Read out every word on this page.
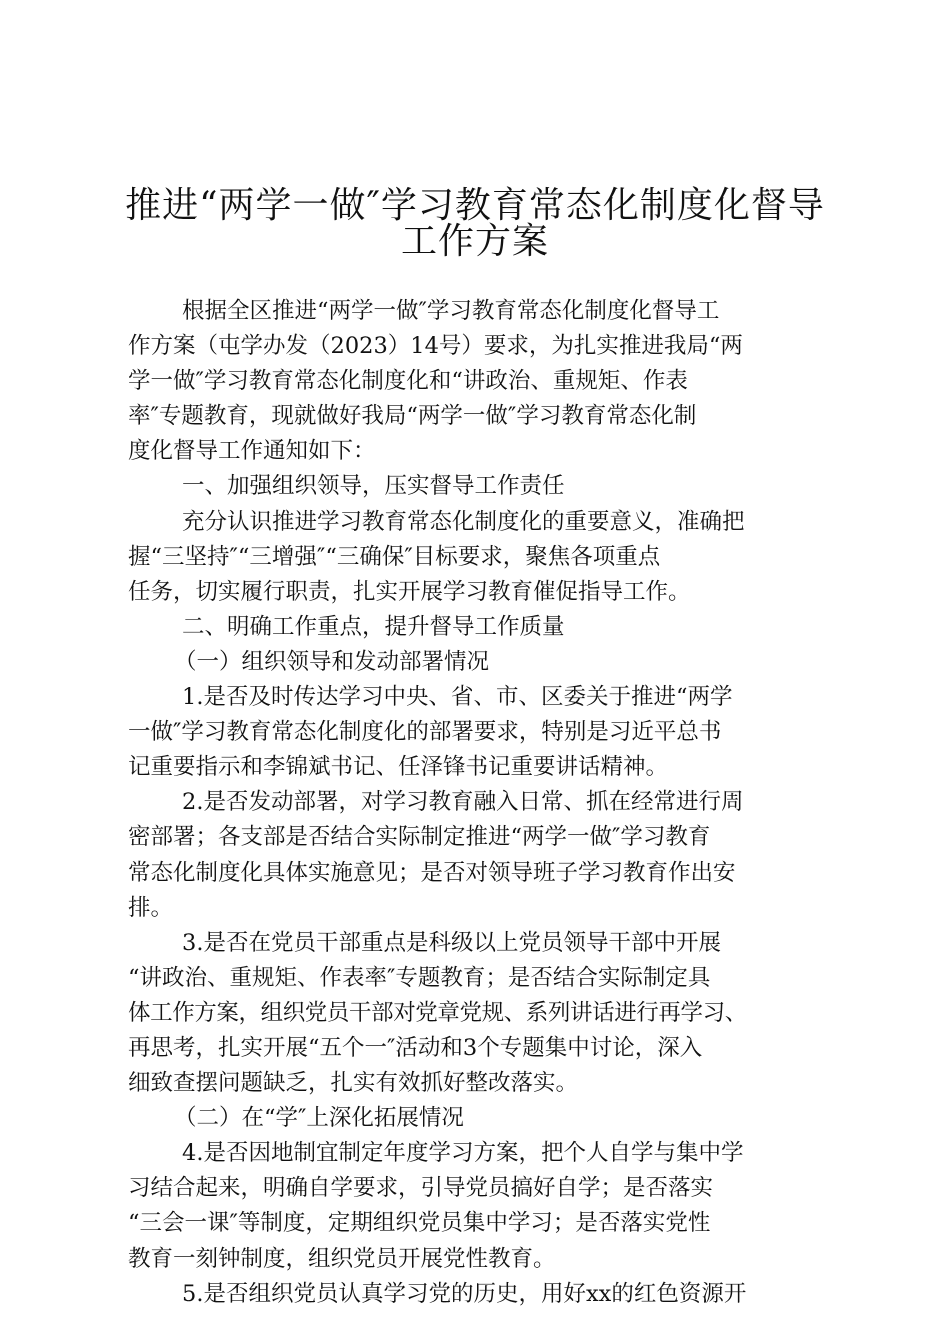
推进“两学一做″学习教育常态化制度化督导
工作方案
根据全区推进“两学一做″学习教育常态化制度化督导工
作方案（屯学办发（2023）14号）要求，为扎实推进我局“两
学一做″学习教育常态化制度化和“讲政治、重规矩、作表
率″专题教育，现就做好我局“两学一做″学习教育常态化制
度化督导工作通知如下：
一、加强组织领导，压实督导工作责任
充分认识推进学习教育常态化制度化的重要意义，准确把
握“三坚持″“三增强″“三确保″目标要求，聚焦各项重点
任务，切实履行职责，扎实开展学习教育催促指导工作。
二、明确工作重点，提升督导工作质量
（一）组织领导和发动部署情况
1.是否及时传达学习中央、省、市、区委关于推进“两学
一做″学习教育常态化制度化的部署要求，特别是习近平总书
记重要指示和李锦斌书记、任泽锋书记重要讲话精神。
2.是否发动部署，对学习教育融入日常、抓在经常进行周
密部署；各支部是否结合实际制定推进“两学一做″学习教育
常态化制度化具体实施意见；是否对领导班子学习教育作出安
排。
3.是否在党员干部重点是科级以上党员领导干部中开展
“讲政治、重规矩、作表率″专题教育；是否结合实际制定具
体工作方案，组织党员干部对党章党规、系列讲话进行再学习、
再思考，扎实开展“五个一″活动和3个专题集中讨论，深入
细致查摆问题缺乏，扎实有效抓好整改落实。
（二）在“学″上深化拓展情况
4.是否因地制宜制定年度学习方案，把个人自学与集中学
习结合起来，明确自学要求，引导党员搞好自学；是否落实
“三会一课″等制度，定期组织党员集中学习；是否落实党性
教育一刻钟制度，组织党员开展党性教育。
5.是否组织党员认真学习党的历史，用好xx的红色资源开
